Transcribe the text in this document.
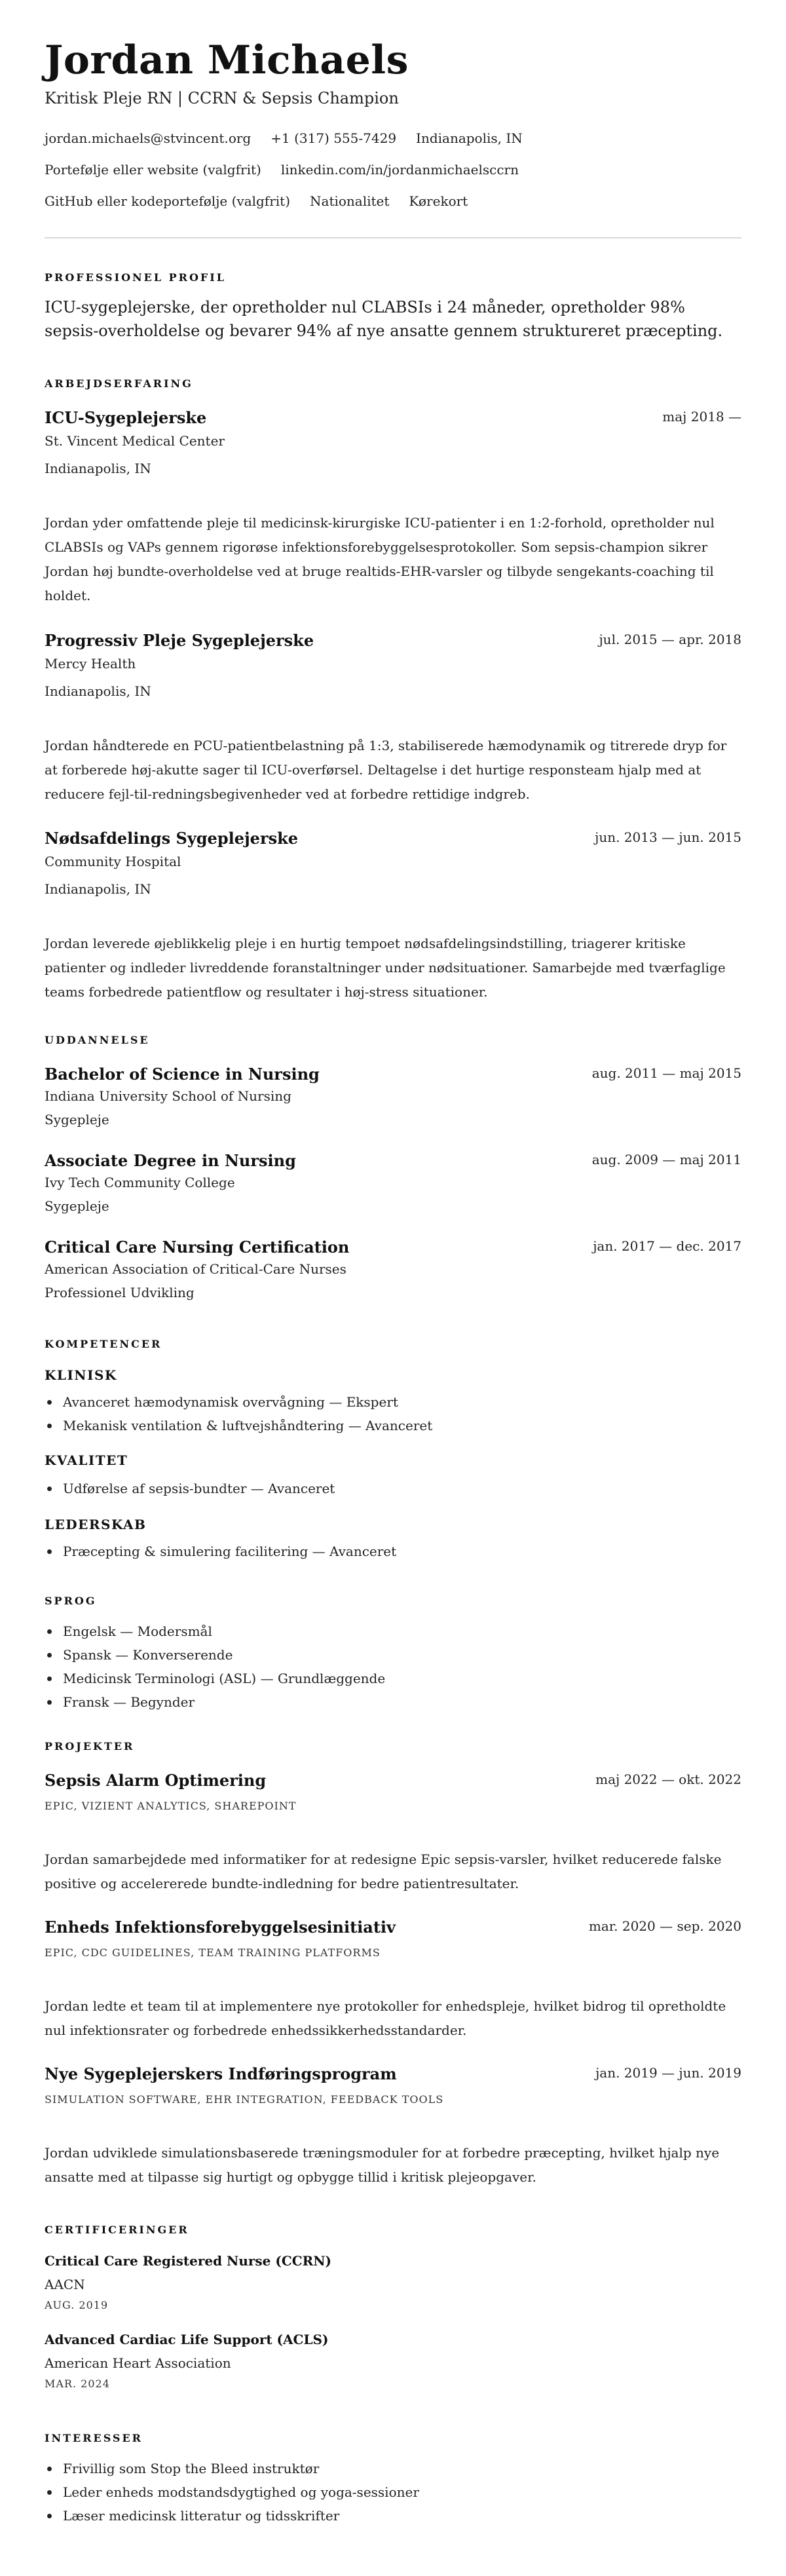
Jordan Michaels
Kritisk Pleje RN | CCRN & Sepsis Champion
jordan.michaels@stvincent.org +1 (317) 555-7429 Indianapolis, IN
Portefølje eller website (valgfrit) linkedin.com/in/jordanmichaelsccrn
GitHub eller kodeportefølje (valgfrit) Nationalitet Kørekort
PROFESSIONEL PROFIL

ICU-sygeplejerske, der opretholder nul CLABSIs i 24 måneder, opretholder 98% sepsis-overholdelse og bevarer 94% af nye ansatte gennem struktureret præcepting.

ARBEJDSERFARING
ICU-Sygeplejerske	maj 2018 —
St. Vincent Medical Center
Indianapolis, IN

Jordan yder omfattende pleje til medicinsk-kirurgiske ICU-patienter i en 1:2-forhold, opretholder nul CLABSIs og VAPs gennem rigorøse infektionsforebyggelsesprotokoller. Som sepsis-champion sikrer Jordan høj bundte-overholdelse ved at bruge realtids-EHR-varsler og tilbyde sengekants-coaching til holdet.

Progressiv Pleje Sygeplejerske	jul. 2015 — apr. 2018
Mercy Health
Indianapolis, IN

Jordan håndterede en PCU-patientbelastning på 1:3, stabiliserede hæmodynamik og titrerede dryp for at forberede høj-akutte sager til ICU-overførsel. Deltagelse i det hurtige responsteam hjalp med at reducere fejl-til-redningsbegivenheder ved at forbedre rettidige indgreb.

Nødsafdelings Sygeplejerske	jun. 2013 — jun. 2015
Community Hospital
Indianapolis, IN

Jordan leverede øjeblikkelig pleje i en hurtig tempoet nødsafdelingsindstilling, triagerer kritiske patienter og indleder livreddende foranstaltninger under nødsituationer. Samarbejde med tværfaglige teams forbedrede patientflow og resultater i høj-stress situationer.

UDDANNELSE
Bachelor of Science in Nursing	aug. 2011 — maj 2015
Indiana University School of Nursing
Sygepleje
Associate Degree in Nursing	aug. 2009 — maj 2011
Ivy Tech Community College
Sygepleje
Critical Care Nursing Certification	jan. 2017 — dec. 2017
American Association of Critical-Care Nurses
Professionel Udvikling
KOMPETENCER
KLINISK
Avanceret hæmodynamisk overvågning — Ekspert
Mekanisk ventilation & luftvejshåndtering — Avanceret
KVALITET
Udførelse af sepsis-bundter — Avanceret
LEDERSKAB
Præcepting & simulering facilitering — Avanceret
SPROG
Engelsk — Modersmål
Spansk — Konverserende
Medicinsk Terminologi (ASL) — Grundlæggende
Fransk — Begynder
PROJEKTER
Sepsis Alarm Optimering	maj 2022 — okt. 2022
EPIC, VIZIENT ANALYTICS, SHAREPOINT

Jordan samarbejdede med informatiker for at redesigne Epic sepsis-varsler, hvilket reducerede falske positive og accelererede bundte-indledning for bedre patientresultater.

Enheds Infektionsforebyggelsesinitiativ	mar. 2020 — sep. 2020
EPIC, CDC GUIDELINES, TEAM TRAINING PLATFORMS

Jordan ledte et team til at implementere nye protokoller for enhedspleje, hvilket bidrog til opretholdte nul infektionsrater og forbedrede enhedssikkerhedsstandarder.

Nye Sygeplejerskers Indføringsprogram	jan. 2019 — jun. 2019
SIMULATION SOFTWARE, EHR INTEGRATION, FEEDBACK TOOLS

Jordan udviklede simulationsbaserede træningsmoduler for at forbedre præcepting, hvilket hjalp nye ansatte med at tilpasse sig hurtigt og opbygge tillid i kritisk plejeopgaver.

CERTIFICERINGER
Critical Care Registered Nurse (CCRN)
AACN
AUG. 2019
Advanced Cardiac Life Support (ACLS)
American Heart Association
MAR. 2024
INTERESSER
Frivillig som Stop the Bleed instruktør
Leder enheds modstandsdygtighed og yoga-sessioner
Læser medicinsk litteratur og tidsskrifter
